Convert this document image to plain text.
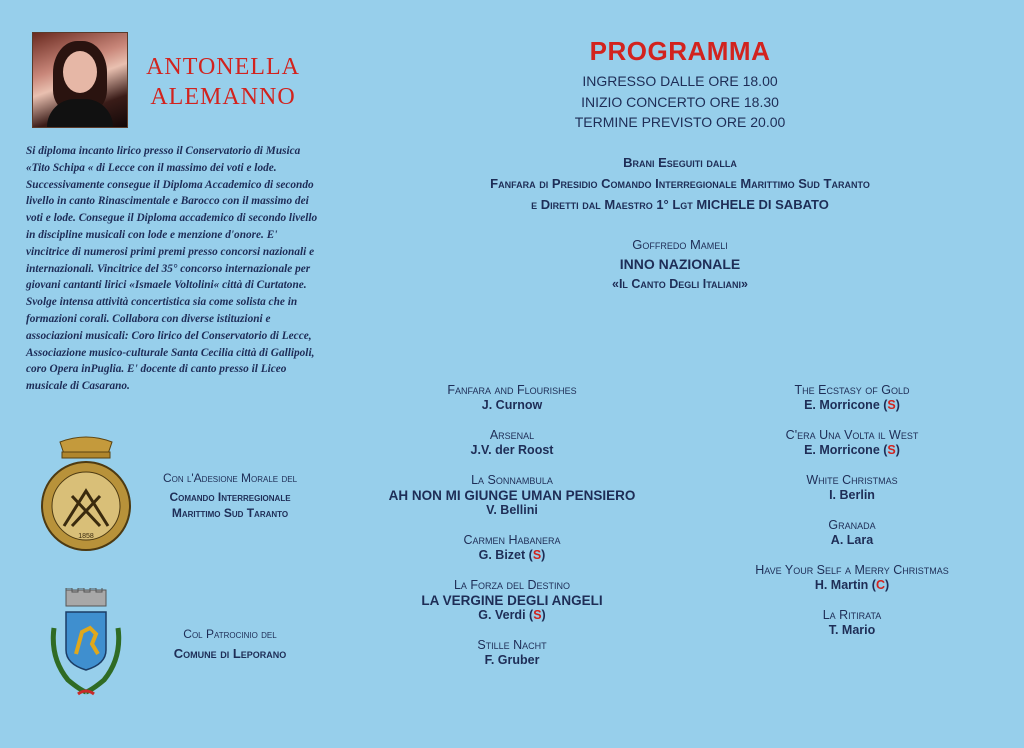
ANTONELLA
ALEMANNO
Si diploma incanto lirico presso il Conservatorio di Musica «Tito Schipa « di Lecce con il massimo dei voti e lode. Successivamente consegue il Diploma Accademico di secondo livello in canto Rinascimentale e Barocco con il massimo dei voti e lode. Consegue il Diploma accademico di secondo livello in discipline musicali con lode e menzione d'onore. E' vincitrice di numerosi primi premi presso concorsi nazionali e internazionali. Vincitrice del 35° concorso internazionale per giovani cantanti lirici «Ismaele Voltolini« città di Curtatone. Svolge intensa attività concertistica sia come solista che in formazioni corali. Collabora con diverse istituzioni e associazioni musicali: Coro lirico del Conservatorio di Lecce, Associazione musico-culturale Santa Cecilia città di Gallipoli, coro Opera inPuglia. E' docente di canto presso il Liceo musicale di Casarano.
1858
Con l'Adesione Morale del
Comando Interregionale
Marittimo Sud Taranto
Col Patrocinio del
Comune di Leporano
PROGRAMMA
INGRESSO DALLE ORE 18.00
INIZIO CONCERTO ORE 18.30
TERMINE PREVISTO ORE 20.00
Brani Eseguiti dalla
Fanfara di Presidio Comando Interregionale Marittimo Sud Taranto
e Diretti dal Maestro 1° Lgt MICHELE DI SABATO
Goffredo Mameli
INNO NAZIONALE
«Il Canto Degli Italiani»
Fanfara and Flourishes
J. Curnow
Arsenal
J.V. der Roost
La Sonnambula
AH NON MI GIUNGE UMAN PENSIERO
V. Bellini
Carmen Habanera
G. Bizet (S)
La Forza del Destino
LA VERGINE DEGLI ANGELI
G. Verdi (S)
Stille Nacht
F. Gruber
The Ecstasy of Gold
E. Morricone (S)
C'era Una Volta il West
E. Morricone (S)
White Christmas
I. Berlin
Granada
A. Lara
Have Your Self a Merry Christmas
H. Martin (C)
La Ritirata
T. Mario
